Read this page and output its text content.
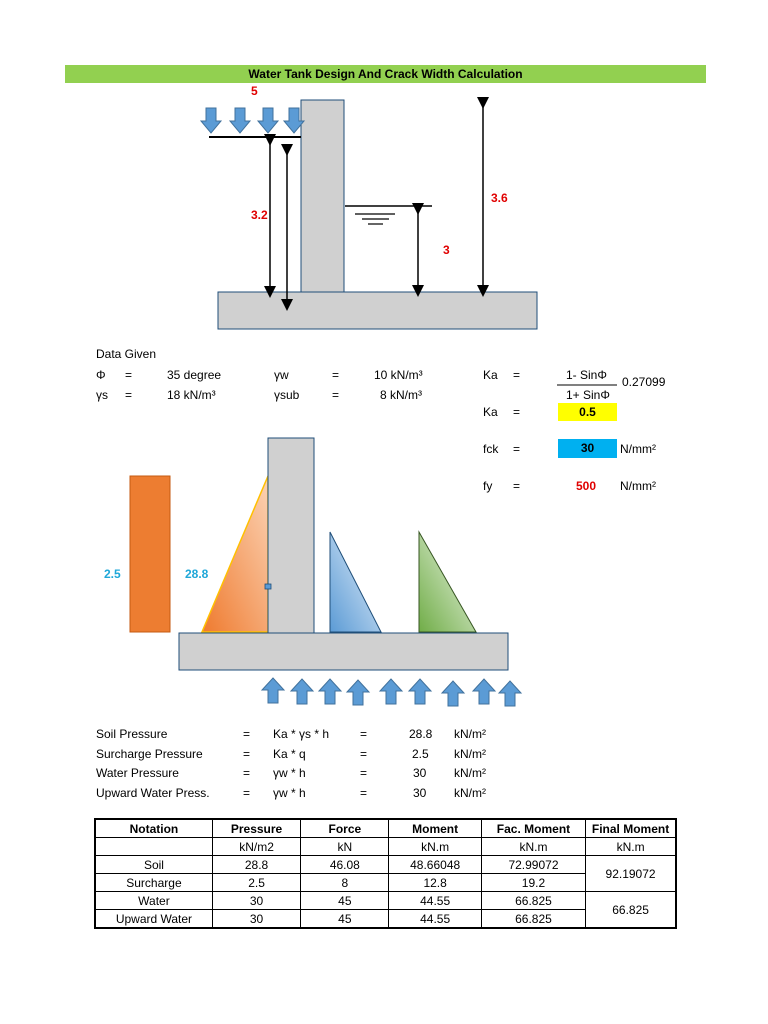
Water Tank Design And Crack Width Calculation
5
3.2
3.6
3
Data Given
Φ =	35 degree	γw	=	10 kN/m³
γs =	18 kN/m³	γsub	=	8 kN/m³
Ka =	1- SinΦ
1+ SinΦ
0.27099
Ka =	0.5
fck =	30	N/mm²
fy =	500 N/mm²
2.5	28.8
Soil Pressure	= Ka * γs * h	=	28.8 kN/m²
Surcharge Pressure	= Ka * q	=	2.5 kN/m²
Water Pressure	= γw * h	=	30 kN/m²
Upward Water Press.	= γw * h	=	30 kN/m²
Notation	Pressure	Force	Moment	Fac. Moment	Final Moment
	kN/m2	kN	kN.m	kN.m	kN.m
Soil	28.8	46.08	48.66048	72.99072	92.19072
Surcharge	2.5	8	12.8	19.2	
Water	30	45	44.55	66.825	66.825
Upward Water	30	45	44.55	66.825	
